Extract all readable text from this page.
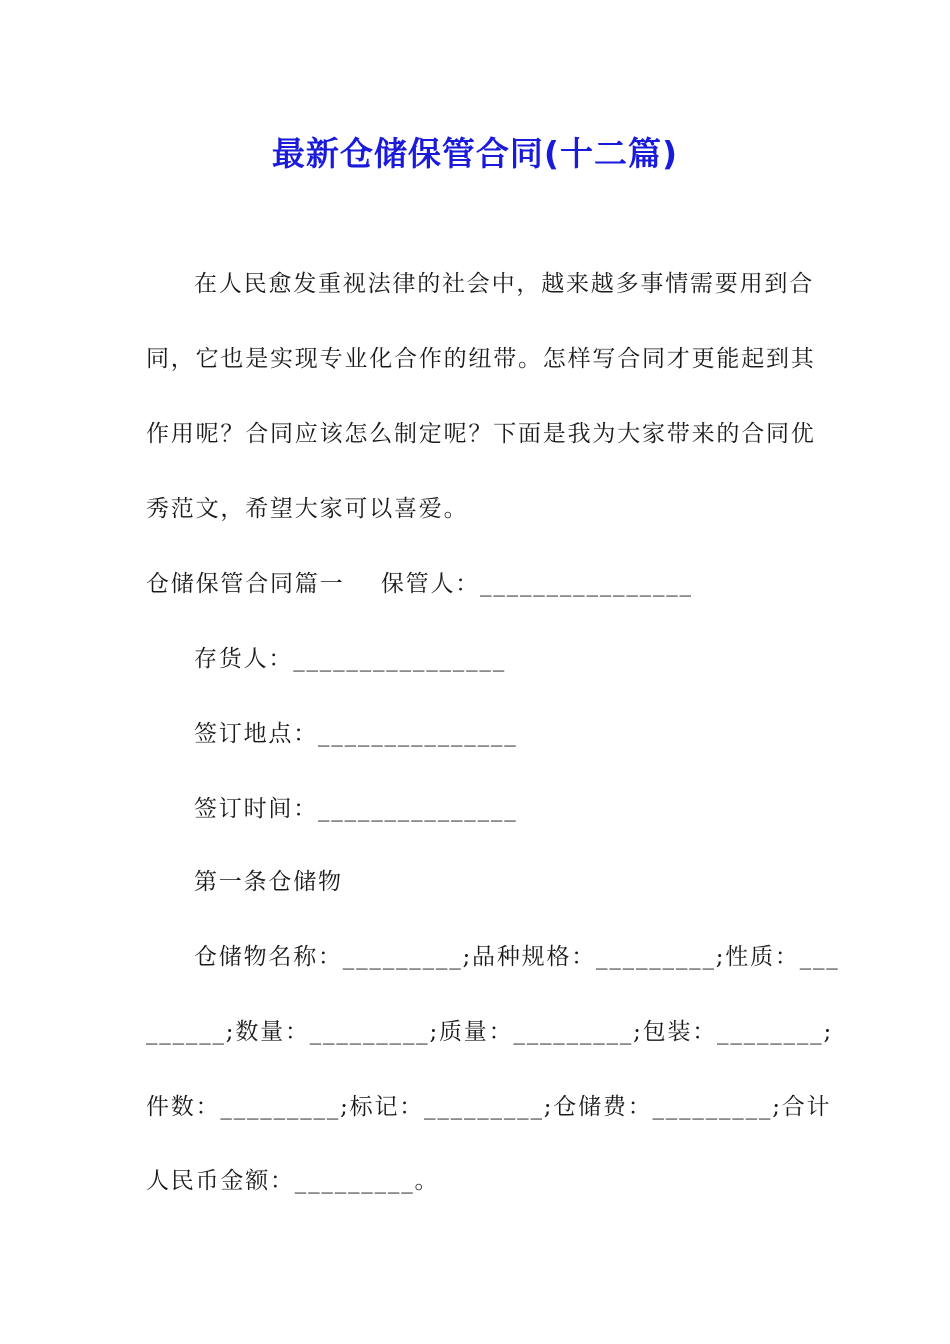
最新仓储保管合同(十二篇)
在人民愈发重视法律的社会中，越来越多事情需要用到合
同，它也是实现专业化合作的纽带。怎样写合同才更能起到其
作用呢？合同应该怎么制定呢？下面是我为大家带来的合同优
秀范文，希望大家可以喜爱。
仓储保管合同篇一    保管人：________________
存货人：________________
签订地点：_______________
签订时间：_______________
第一条仓储物
仓储物名称：_________;品种规格：_________;性质：___
______;数量：_________;质量：_________;包装：________;
件数：_________;标记：_________;仓储费：_________;合计
人民币金额：_________。
